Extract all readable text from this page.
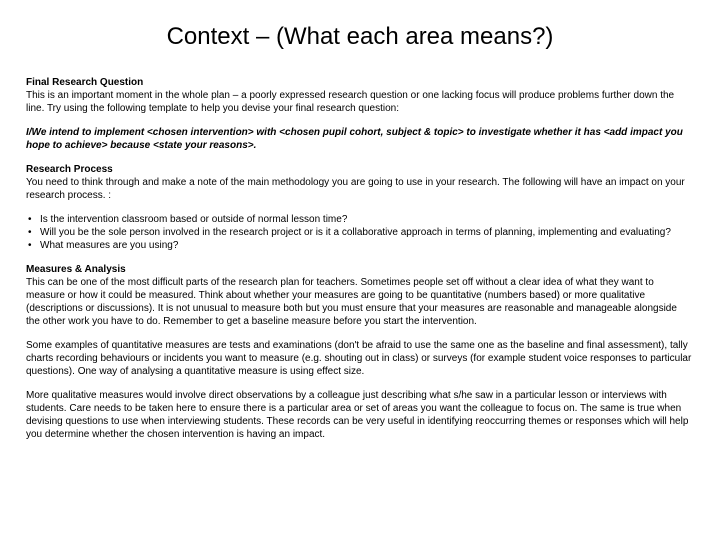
Context – (What each area means?)

Final Research Question
This is an important moment in the whole plan – a poorly expressed research question or one lacking focus will produce problems further down the line. Try using the following template to help you devise your final research question:

I/We intend to implement <chosen intervention> with <chosen pupil cohort, subject & topic> to investigate whether it has <add impact you hope to achieve> because <state your reasons>.

Research Process
You need to think through and make a note of the main methodology you are going to use in your research. The following will have an impact on your research process. :

• Is the intervention classroom based or outside of normal lesson time?
• Will you be the sole person involved in the research project or is it a collaborative approach in terms of planning, implementing and evaluating?
• What measures are you using?

Measures & Analysis
This can be one of the most difficult parts of the research plan for teachers. Sometimes people set off without a clear idea of what they want to measure or how it could be measured. Think about whether your measures are going to be quantitative (numbers based) or more qualitative (descriptions or discussions). It is not unusual to measure both but you must ensure that your measures are reasonable and manageable alongside the other work you have to do. Remember to get a baseline measure before you start the intervention.

Some examples of quantitative measures are tests and examinations (don't be afraid to use the same one as the baseline and final assessment), tally charts recording behaviours or incidents you want to measure (e.g. shouting out in class) or surveys (for example student voice responses to particular questions). One way of analysing a quantitative measure is using effect size.

More qualitative measures would involve direct observations by a colleague just describing what s/he saw in a particular lesson or interviews with students. Care needs to be taken here to ensure there is a particular area or set of areas you want the colleague to focus on. The same is true when devising questions to use when interviewing students. These records can be very useful in identifying reoccurring themes or responses which will help you determine whether the chosen intervention is having an impact.
